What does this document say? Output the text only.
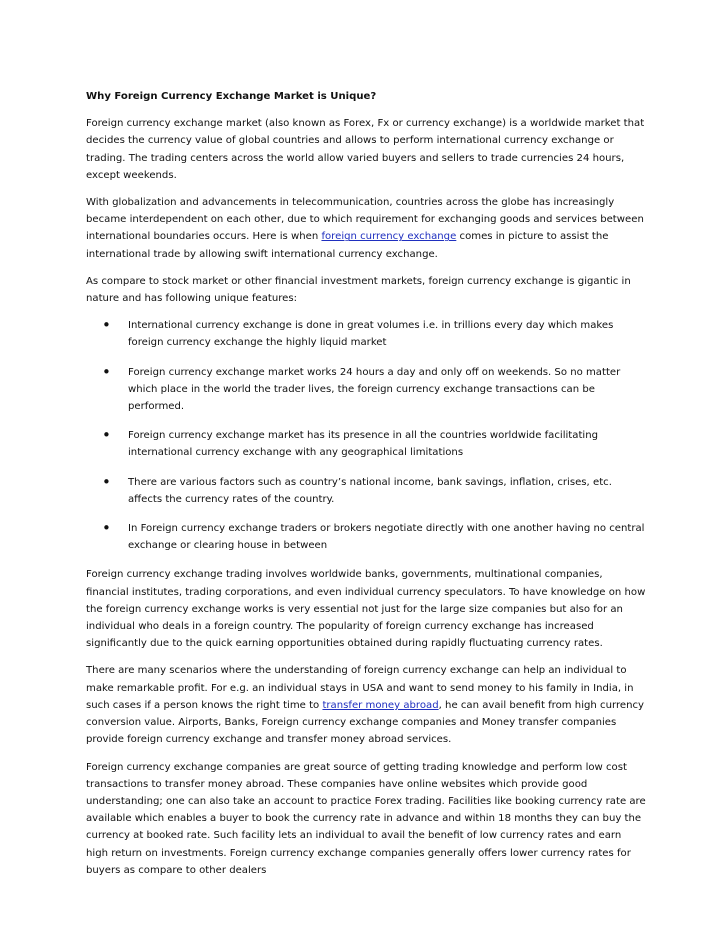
Why Foreign Currency Exchange Market is Unique?
Foreign currency exchange market (also known as Forex, Fx or currency exchange) is a worldwide market that decides the currency value of global countries and allows to perform international currency exchange or trading. The trading centers across the world allow varied buyers and sellers to trade currencies 24 hours, except weekends.
With globalization and advancements in telecommunication, countries across the globe has increasingly became interdependent on each other, due to which requirement for exchanging goods and services between international boundaries occurs. Here is when foreign currency exchange comes in picture to assist the international trade by allowing swift international currency exchange.
As compare to stock market or other financial investment markets, foreign currency exchange is gigantic in nature and has following unique features:
• International currency exchange is done in great volumes i.e. in trillions every day which makes foreign currency exchange the highly liquid market
• Foreign currency exchange market works 24 hours a day and only off on weekends. So no matter which place in the world the trader lives, the foreign currency exchange transactions can be performed.
• Foreign currency exchange market has its presence in all the countries worldwide facilitating international currency exchange with any geographical limitations
• There are various factors such as country’s national income, bank savings, inflation, crises, etc. affects the currency rates of the country.
• In Foreign currency exchange traders or brokers negotiate directly with one another having no central exchange or clearing house in between
Foreign currency exchange trading involves worldwide banks, governments, multinational companies, financial institutes, trading corporations, and even individual currency speculators. To have knowledge on how the foreign currency exchange works is very essential not just for the large size companies but also for an individual who deals in a foreign country. The popularity of foreign currency exchange has increased significantly due to the quick earning opportunities obtained during rapidly fluctuating currency rates.
There are many scenarios where the understanding of foreign currency exchange can help an individual to make remarkable profit. For e.g. an individual stays in USA and want to send money to his family in India, in such cases if a person knows the right time to transfer money abroad, he can avail benefit from high currency conversion value. Airports, Banks, Foreign currency exchange companies and Money transfer companies provide foreign currency exchange and transfer money abroad services.
Foreign currency exchange companies are great source of getting trading knowledge and perform low cost transactions to transfer money abroad. These companies have online websites which provide good understanding; one can also take an account to practice Forex trading. Facilities like booking currency rate are available which enables a buyer to book the currency rate in advance and within 18 months they can buy the currency at booked rate. Such facility lets an individual to avail the benefit of low currency rates and earn high return on investments. Foreign currency exchange companies generally offers lower currency rates for buyers as compare to other dealers
